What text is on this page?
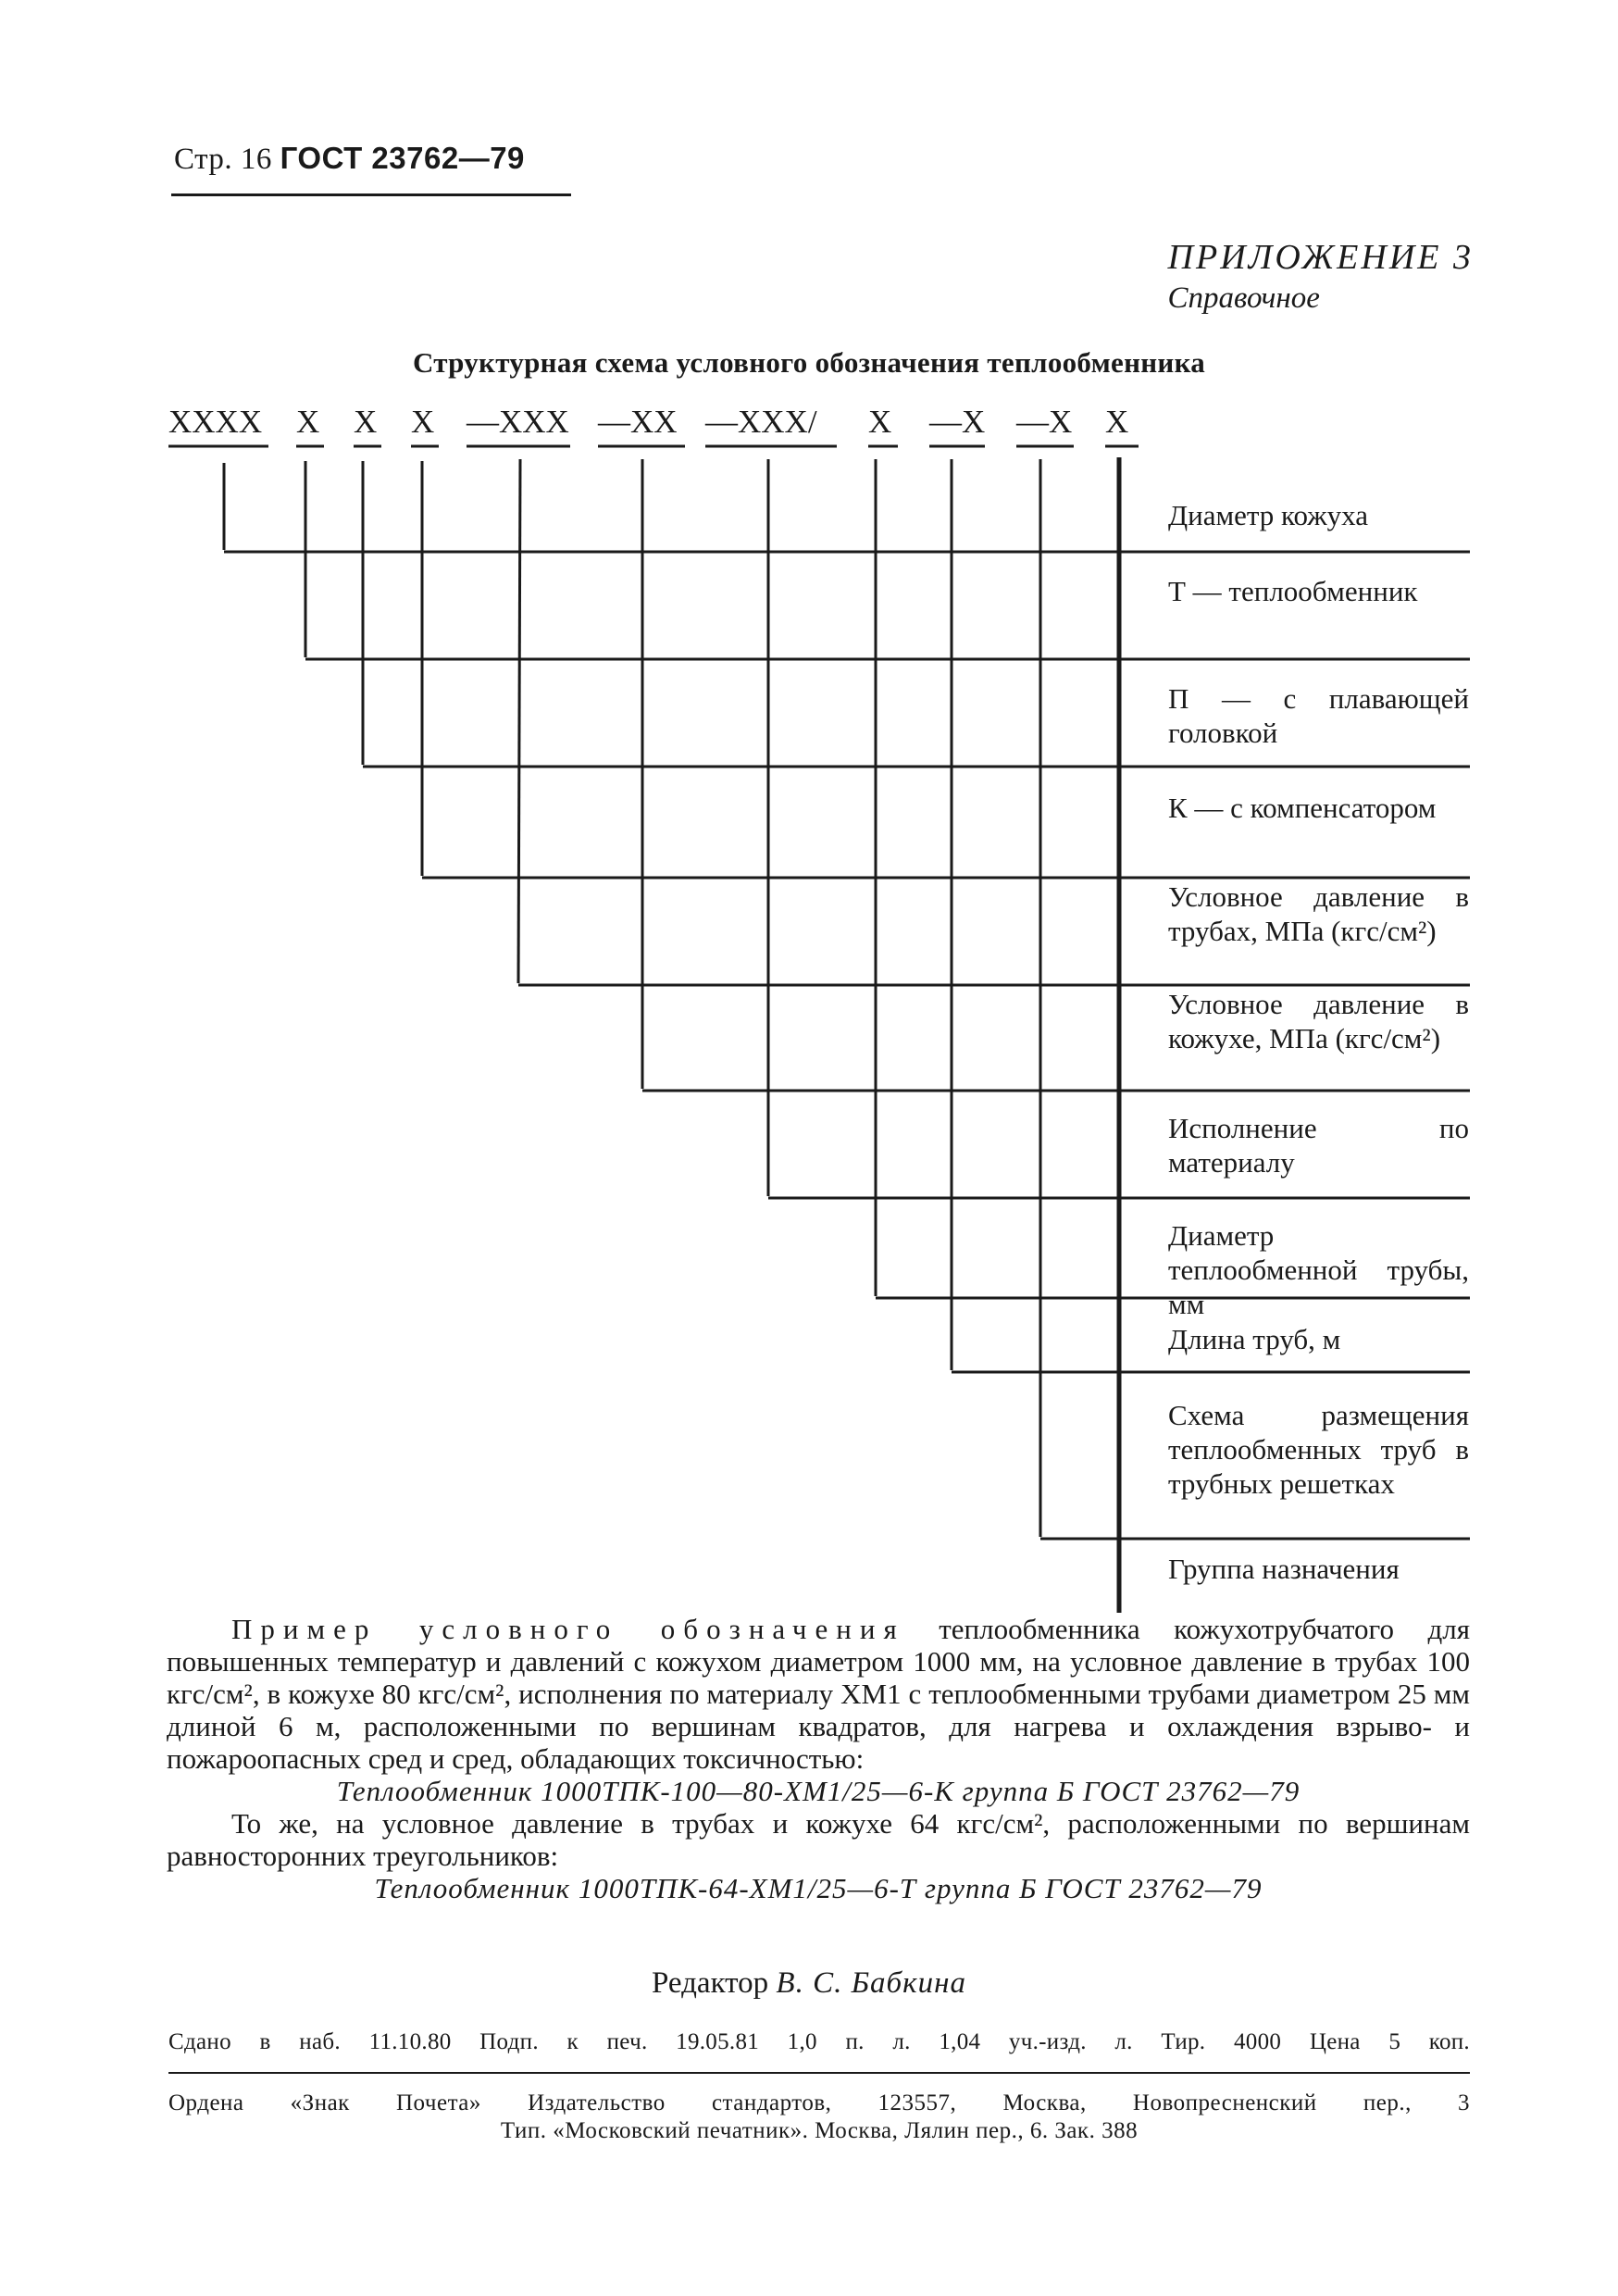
Стр. 16 ГОСТ 23762—79
ПРИЛОЖЕНИЕ 3
Справочное
Структурная схема условного обозначения теплообменника
XXXX X X X —XXX —XX —XXX/ X —X —X X
Диаметр кожуха
Т — теплообменник
П — с плавающей головкой
К — с компенсатором
Условное давление в трубах, МПа (кгс/см²)
Условное давление в кожухе, МПа (кгс/см²)
Исполнение по материалу
Диаметр теплообменной трубы, мм
Длина труб, м
Схема размещения теплообменных труб в трубных решетках
Группа назначения

Пример условного обозначения теплообменника кожухотрубчатого для повышенных температур и давлений с кожухом диаметром 1000 мм, на условное давление в трубах 100 кгс/см², в кожухе 80 кгс/см², исполнения по материалу ХМ1 с теплообменными трубами диаметром 25 мм длиной 6 м, расположенными по вершинам квадратов, для нагрева и охлаждения взрыво- и пожароопасных сред и сред, обладающих токсичностью:

Теплообменник 1000ТПК-100—80-ХМ1/25—6-К группа Б ГОСТ 23762—79

То же, на условное давление в трубах и кожухе 64 кгс/см², расположенными по вершинам равносторонних треугольников:

Теплообменник 1000ТПК-64-ХМ1/25—6-Т группа Б ГОСТ 23762—79

Редактор В. С. Бабкина
Сдано в наб. 11.10.80 Подп. к печ. 19.05.81 1,0 п. л. 1,04 уч.-изд. л. Тир. 4000 Цена 5 коп.
Ордена «Знак Почета» Издательство стандартов, 123557, Москва, Новопресненский пер., 3
Тип. «Московский печатник». Москва, Лялин пер., 6. Зак. 388
